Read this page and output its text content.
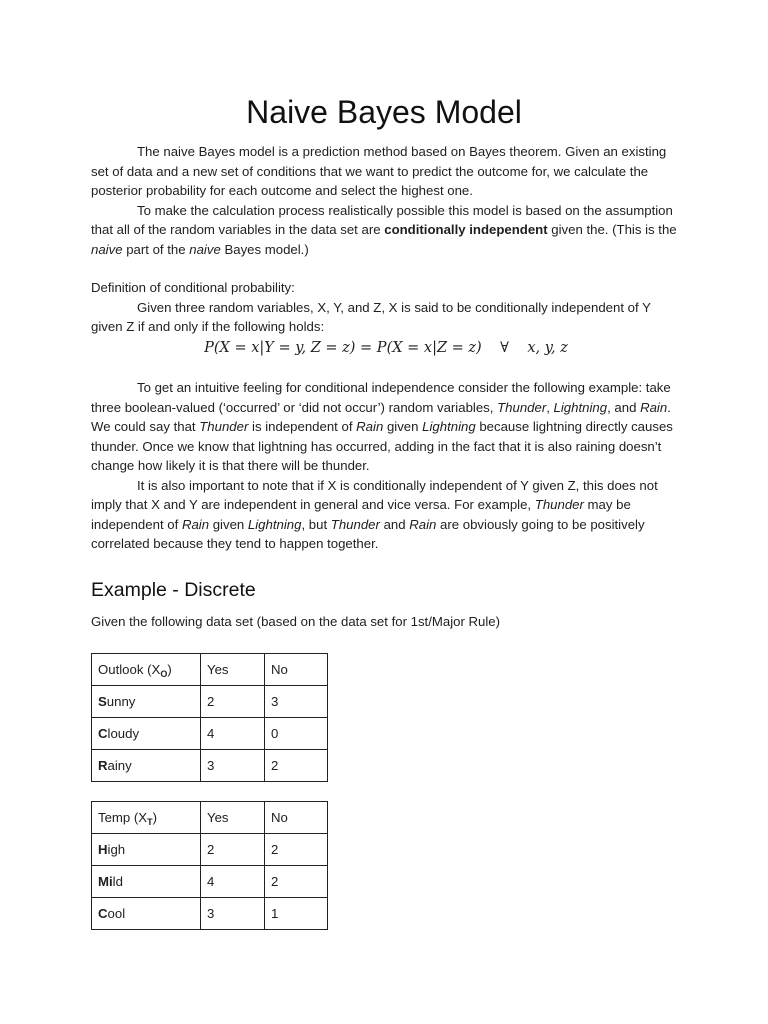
Naive Bayes Model

The naive Bayes model is a prediction method based on Bayes theorem. Given an existing set of data and a new set of conditions that we want to predict the outcome for, we calculate the posterior probability for each outcome and select the highest one.

To make the calculation process realistically possible this model is based on the assumption that all of the random variables in the data set are conditionally independent given the. (This is the naive part of the naive Bayes model.)

Definition of conditional probability:

Given three random variables, X, Y, and Z, X is said to be conditionally independent of Y given Z if and only if the following holds:

P(X = x|Y = y, Z = z) = P(X = x|Z = z) ∀ x, y, z

To get an intuitive feeling for conditional independence consider the following example: take three boolean-valued (‘occurred’ or ‘did not occur’) random variables, Thunder, Lightning, and Rain. We could say that Thunder is independent of Rain given Lightning because lightning directly causes thunder. Once we know that lightning has occurred, adding in the fact that it is also raining doesn’t change how likely it is that there will be thunder.

It is also important to note that if X is conditionally independent of Y given Z, this does not imply that X and Y are independent in general and vice versa. For example, Thunder may be independent of Rain given Lightning, but Thunder and Rain are obviously going to be positively correlated because they tend to happen together.

Example - Discrete
Given the following data set (based on the data set for 1st/Major Rule)
Outlook $(X_O)$	Yes	No
Sunny	2	3
Cloudy	4	0
Rainy	3	2
Temp $(X_T)$	Yes	No
High	2	2
Mild	4	2
Cool	3	1
